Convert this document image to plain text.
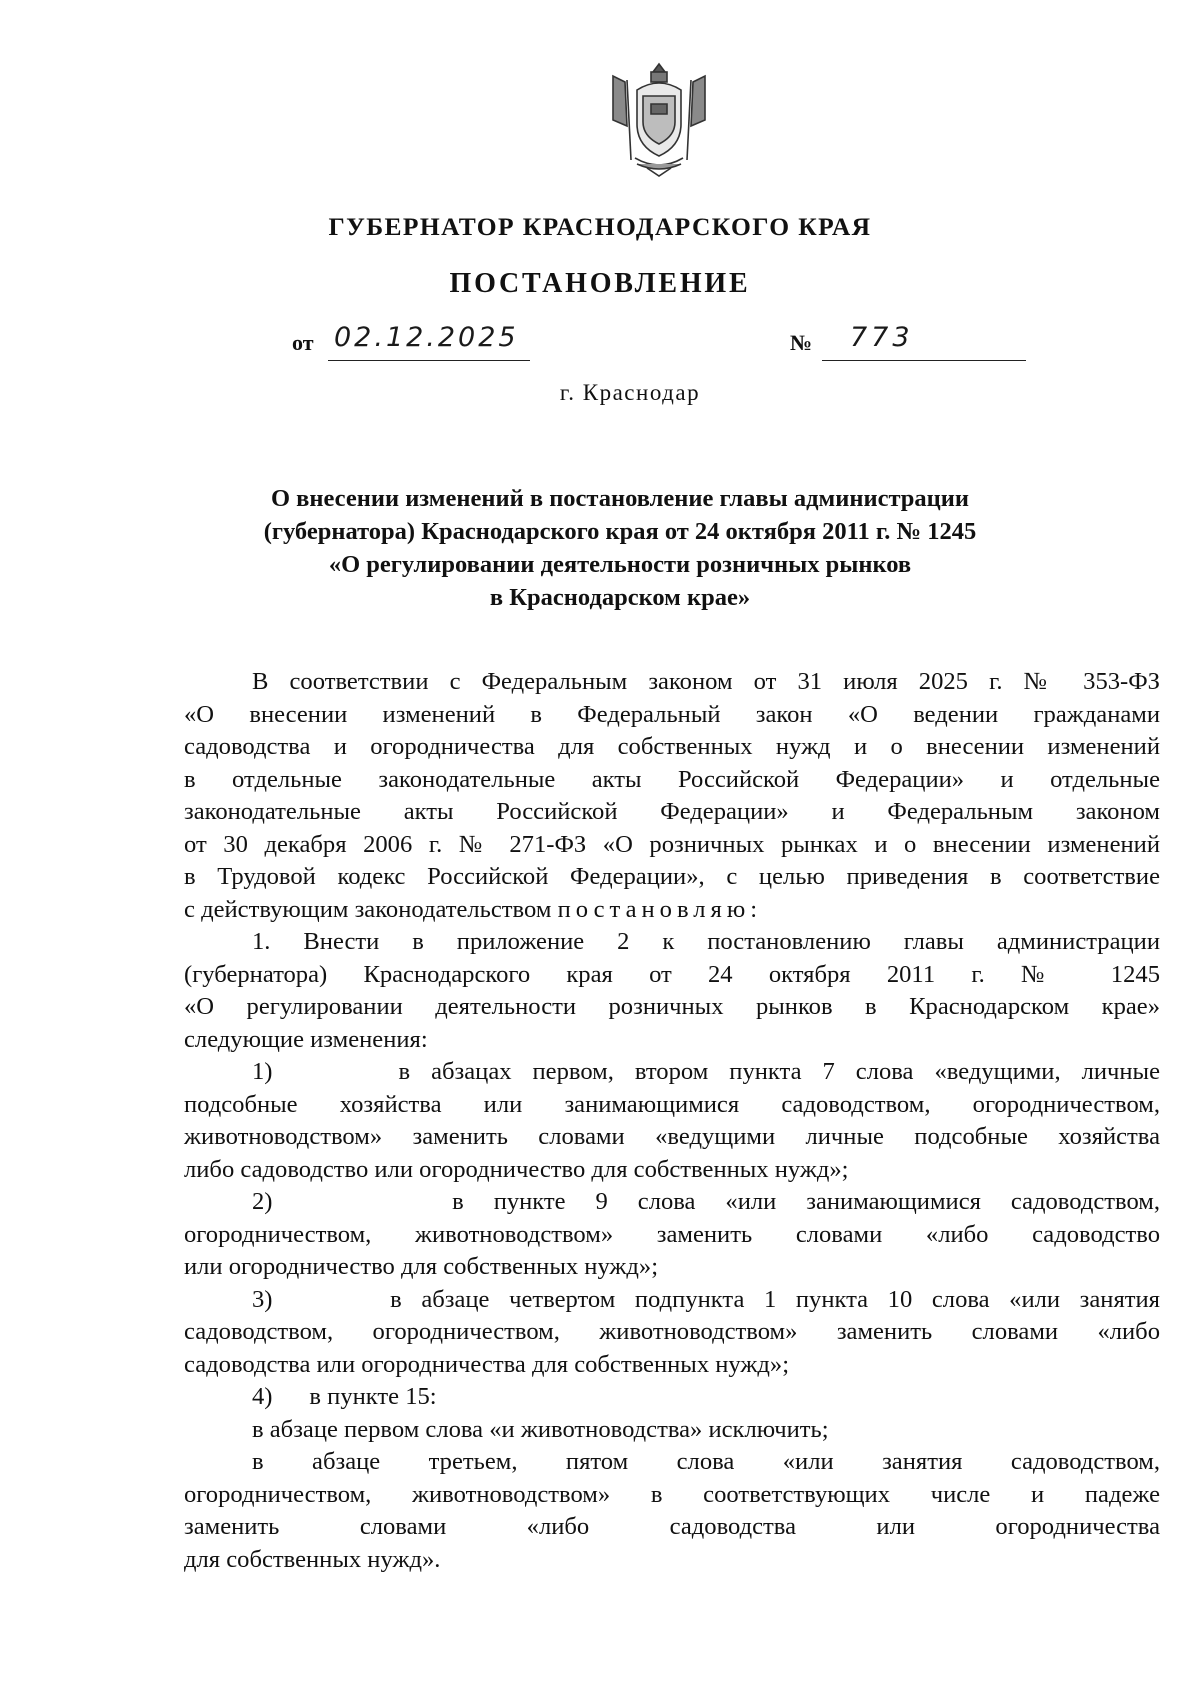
ГУБЕРНАТОР КРАСНОДАРСКОГО КРАЯ
ПОСТАНОВЛЕНИЕ
от 02.12.2025	№ 773
г. Краснодар
О внесении изменений в постановление главы администрации
(губернатора) Краснодарского края от 24 октября 2011 г. № 1245
«О регулировании деятельности розничных рынков
в Краснодарском крае»
В соответствии с Федеральным законом от 31 июля 2025 г. № 353-ФЗ
«О внесении изменений в Федеральный закон «О ведении гражданами
садоводства и огородничества для собственных нужд и о внесении изменений
в отдельные законодательные акты Российской Федерации» и отдельные
законодательные акты Российской Федерации» и Федеральным законом
от 30 декабря 2006 г. № 271-ФЗ «О розничных рынках и о внесении изменений
в Трудовой кодекс Российской Федерации», с целью приведения в соответствие
с действующим законодательством постановляю:
1. Внести в приложение 2 к постановлению главы администрации
(губернатора) Краснодарского края от 24 октября 2011 г. № 1245
«О регулировании деятельности розничных рынков в Краснодарском крае»
следующие изменения:
1)	в абзацах первом, втором пункта 7 слова «ведущими, личные
подсобные хозяйства или занимающимися садоводством, огородничеством,
животноводством» заменить словами «ведущими личные подсобные хозяйства
либо садоводство или огородничество для собственных нужд»;
2)	в пункте 9 слова «или занимающимися садоводством,
огородничеством, животноводством» заменить словами «либо садоводство
или огородничество для собственных нужд»;
3)	в абзаце четвертом подпункта 1 пункта 10 слова «или занятия
садоводством, огородничеством, животноводством» заменить словами «либо
садоводства или огородничества для собственных нужд»;
4) в пункте 15:
в абзаце первом слова «и животноводства» исключить;
в абзаце третьем, пятом слова «или занятия садоводством,
огородничеством, животноводством» в соответствующих числе и падеже
заменить словами «либо садоводства или огородничества
для собственных нужд».
